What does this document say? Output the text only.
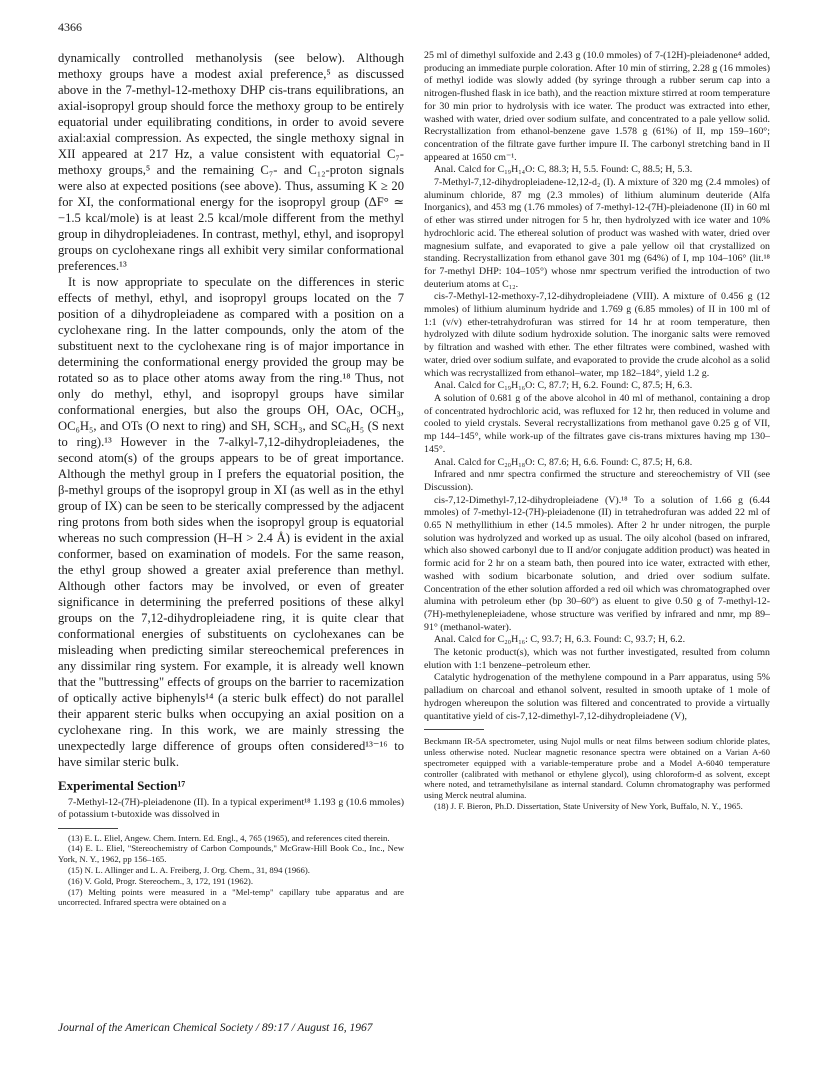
4366

dynamically controlled methanolysis (see below). Although methoxy groups have a modest axial preference,⁵ as discussed above in the 7-methyl-12-methoxy DHP cis-trans equilibrations, an axial-isopropyl group should force the methoxy group to be entirely equatorial under equilibrating conditions, in order to avoid severe axial:axial compression. As expected, the single methoxy signal in XII appeared at 217 Hz, a value consistent with equatorial C₇-methoxy groups,⁵ and the remaining C₇- and C₁₂-proton signals were also at expected positions (see above). Thus, assuming K ≥ 20 for XI, the conformational energy for the isopropyl group (ΔF° ≃ −1.5 kcal/mole) is at least 2.5 kcal/mole different from the methyl group in dihydropleiadenes. In contrast, methyl, ethyl, and isopropyl groups on cyclohexane rings all exhibit very similar conformational preferences.¹³

It is now appropriate to speculate on the differences in steric effects of methyl, ethyl, and isopropyl groups located on the 7 position of a dihydropleiadene as compared with a position on a cyclohexane ring. In the latter compounds, only the atom of the substituent next to the cyclohexane ring is of major importance in determining the conformational energy provided the group may be rotated so as to place other atoms away from the ring.¹⁸ Thus, not only do methyl, ethyl, and isopropyl groups have similar conformational energies, but also the groups OH, OAc, OCH₃, OC₆H₅, and OTs (O next to ring) and SH, SCH₃, and SC₆H₅ (S next to ring).¹³ However in the 7-alkyl-7,12-dihydropleiadenes, the second atom(s) of the groups appears to be of great importance. Although the methyl group in I prefers the equatorial position, the β-methyl groups of the isopropyl group in XI (as well as in the ethyl group of IX) can be seen to be sterically compressed by the adjacent ring protons from both sides when the isopropyl group is equatorial whereas no such compression (H–H > 2.4 Å) is evident in the axial conformer, based on examination of models. For the same reason, the ethyl group showed a greater axial preference than methyl. Although other factors may be involved, or even of greater significance in determining the preferred positions of these alkyl groups on the 7,12-dihydropleiadene ring, it is quite clear that conformational energies of substituents on cyclohexanes can be misleading when predicting similar stereochemical preferences in any dissimilar ring system. For example, it is already well known that the "buttressing" effects of groups on the barrier to racemization of optically active biphenyls¹⁴ (a steric bulk effect) do not parallel their apparent steric bulks when occupying an axial position on a cyclohexane ring. In this work, we are mainly stressing the unexpectedly large difference of groups often considered¹³⁻¹⁶ to have similar steric bulk.

Experimental Section¹⁷

7-Methyl-12-(7H)-pleiadenone (II). In a typical experiment¹⁸ 1.193 g (10.6 mmoles) of potassium t-butoxide was dissolved in

(13) E. L. Eliel, Angew. Chem. Intern. Ed. Engl., 4, 765 (1965), and references cited therein.

(14) E. L. Eliel, "Stereochemistry of Carbon Compounds," McGraw-Hill Book Co., Inc., New York, N. Y., 1962, pp 156–165.

(15) N. L. Allinger and L. A. Freiberg, J. Org. Chem., 31, 894 (1966).

(16) V. Gold, Progr. Stereochem., 3, 172, 191 (1962).

(17) Melting points were measured in a "Mel-temp" capillary tube apparatus and are uncorrected. Infrared spectra were obtained on a

25 ml of dimethyl sulfoxide and 2.43 g (10.0 mmoles) of 7-(12H)-pleiadenone⁴ added, producing an immediate purple coloration. After 10 min of stirring, 2.28 g (16 mmoles) of methyl iodide was slowly added (by syringe through a rubber serum cap into a nitrogen-flushed flask in ice bath), and the reaction mixture stirred at room temperature for 30 min prior to hydrolysis with ice water. The product was extracted into ether, washed with water, dried over sodium sulfate, and concentrated to a pale yellow solid. Recrystallization from ethanol-benzene gave 1.578 g (61%) of II, mp 159–160°; concentration of the filtrate gave further impure II. The carbonyl stretching band in II appeared at 1650 cm⁻¹.

Anal. Calcd for C₁₉H₁₄O: C, 88.3; H, 5.5. Found: C, 88.5; H, 5.3.

7-Methyl-7,12-dihydropleiadene-12,12-d₂ (I). A mixture of 320 mg (2.4 mmoles) of aluminum chloride, 87 mg (2.3 mmoles) of lithium aluminum deuteride (Alfa Inorganics), and 453 mg (1.76 mmoles) of 7-methyl-12-(7H)-pleiadenone (II) in 60 ml of ether was stirred under nitrogen for 5 hr, then hydrolyzed with ice water and 10% hydrochloric acid. The ethereal solution of product was washed with water, dried over magnesium sulfate, and evaporated to give a pale yellow oil that crystallized on standing. Recrystallization from ethanol gave 301 mg (64%) of I, mp 104–106° (lit.¹⁸ for 7-methyl DHP: 104–105°) whose nmr spectrum verified the introduction of two deuterium atoms at C₁₂.

cis-7-Methyl-12-methoxy-7,12-dihydropleiadene (VIII). A mixture of 0.456 g (12 mmoles) of lithium aluminum hydride and 1.769 g (6.85 mmoles) of II in 100 ml of 1:1 (v/v) ether-tetrahydrofuran was stirred for 14 hr at room temperature, then hydrolyzed with dilute sodium hydroxide solution. The inorganic salts were removed by filtration and washed with ether. The ether filtrates were combined, washed with water, dried over sodium sulfate, and evaporated to provide the crude alcohol as a solid which was recrystallized from ethanol–water, mp 182–184°, yield 1.2 g.

Anal. Calcd for C₁₉H₁₆O: C, 87.7; H, 6.2. Found: C, 87.5; H, 6.3.

A solution of 0.681 g of the above alcohol in 40 ml of methanol, containing a drop of concentrated hydrochloric acid, was refluxed for 12 hr, then reduced in volume and cooled to yield crystals. Several recrystallizations from methanol gave 0.25 g of VII, mp 144–145°, while work-up of the filtrates gave cis-trans mixtures having mp 130–145°.

Anal. Calcd for C₂₀H₁₈O: C, 87.6; H, 6.6. Found: C, 87.5; H, 6.8.

Infrared and nmr spectra confirmed the structure and stereochemistry of VII (see Discussion).

cis-7,12-Dimethyl-7,12-dihydropleiadene (V).¹⁸ To a solution of 1.66 g (6.44 mmoles) of 7-methyl-12-(7H)-pleiadenone (II) in tetrahedrofuran was added 22 ml of 0.65 N methyllithium in ether (14.5 mmoles). After 2 hr under nitrogen, the purple solution was hydrolyzed and worked up as usual. The oily alcohol (based on infrared, which also showed carbonyl due to II and/or conjugate addition product) was heated in formic acid for 2 hr on a steam bath, then poured into ice water, extracted with ether, washed with sodium bicarbonate solution, and dried over sodium sulfate. Concentration of the ether solution afforded a red oil which was chromatographed over alumina with petroleum ether (bp 30–60°) as eluent to give 0.50 g of 7-methyl-12-(7H)-methylenepleiadene, whose structure was verified by infrared and nmr, mp 89–91° (methanol-water).

Anal. Calcd for C₂₀H₁₆: C, 93.7; H, 6.3. Found: C, 93.7; H, 6.2.

The ketonic product(s), which was not further investigated, resulted from column elution with 1:1 benzene–petroleum ether.

Catalytic hydrogenation of the methylene compound in a Parr apparatus, using 5% palladium on charcoal and ethanol solvent, resulted in smooth uptake of 1 mole of hydrogen whereupon the solution was filtered and concentrated to provide a virtually quantitative yield of cis-7,12-dimethyl-7,12-dihydropleiadene (V),

Beckmann IR-5A spectrometer, using Nujol mulls or neat films between sodium chloride plates, unless otherwise noted. Nuclear magnetic resonance spectra were obtained on a Varian A-60 spectrometer equipped with a variable-temperature probe and a Model A-6040 temperature controller (calibrated with methanol or ethylene glycol), using chloroform-d as solvent, except where noted, and tetramethylsilane as internal standard. Column chromatography was performed using Merck neutral alumina.

(18) J. F. Bieron, Ph.D. Dissertation, State University of New York, Buffalo, N. Y., 1965.

Journal of the American Chemical Society / 89:17 / August 16, 1967
